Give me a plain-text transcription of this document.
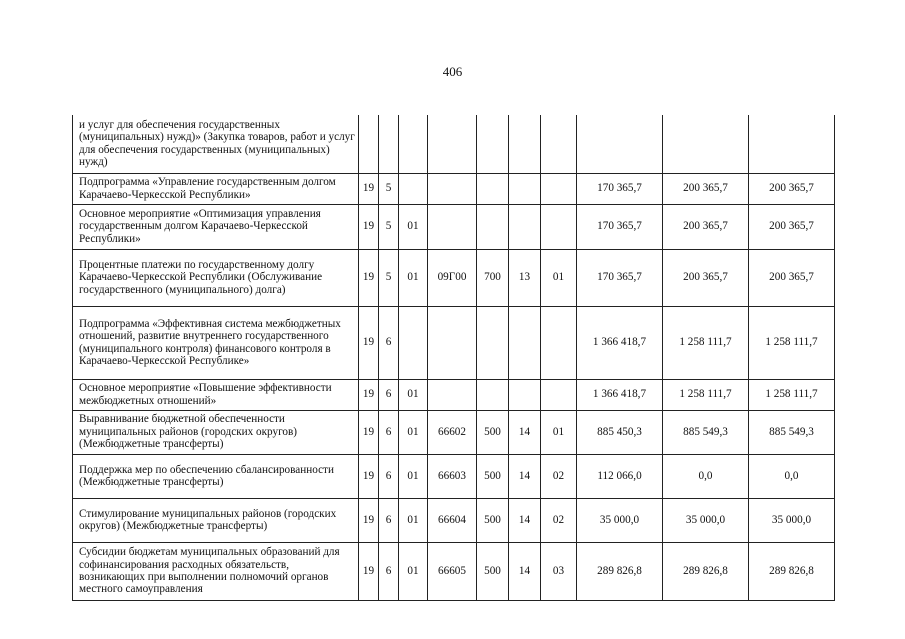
406
и услуг для обеспечения государственных (муниципальных) нужд)» (Закупка товаров, работ и услуг для обеспечения государственных (муниципальных) нужд)										
Подпрограмма «Управление государственным долгом Карачаево-Черкесской Республики»	19	5						170 365,7	200 365,7	200 365,7
Основное мероприятие «Оптимизация управления государственным долгом Карачаево-Черкесской Республики»	19	5	01					170 365,7	200 365,7	200 365,7
Процентные платежи по государственному долгу Карачаево-Черкесской Республики (Обслуживание государственного (муниципального) долга)	19	5	01	09Г00	700	13	01	170 365,7	200 365,7	200 365,7
Подпрограмма «Эффективная система межбюджетных отношений, развитие внутреннего государственного (муниципального контроля) финансового контроля в Карачаево-Черкесской Республике»	19	6						1 366 418,7	1 258 111,7	1 258 111,7
Основное мероприятие «Повышение эффективности межбюджетных отношений»	19	6	01					1 366 418,7	1 258 111,7	1 258 111,7
Выравнивание бюджетной обеспеченности муниципальных районов (городских округов) (Межбюджетные трансферты)	19	6	01	66602	500	14	01	885 450,3	885 549,3	885 549,3
Поддержка мер по обеспечению сбалансированности (Межбюджетные трансферты)	19	6	01	66603	500	14	02	112 066,0	0,0	0,0
Стимулирование муниципальных районов (городских округов) (Межбюджетные трансферты)	19	6	01	66604	500	14	02	35 000,0	35 000,0	35 000,0
Субсидии бюджетам муниципальных образований для софинансирования расходных обязательств, возникающих при выполнении полномочий органов местного самоуправления	19	6	01	66605	500	14	03	289 826,8	289 826,8	289 826,8
